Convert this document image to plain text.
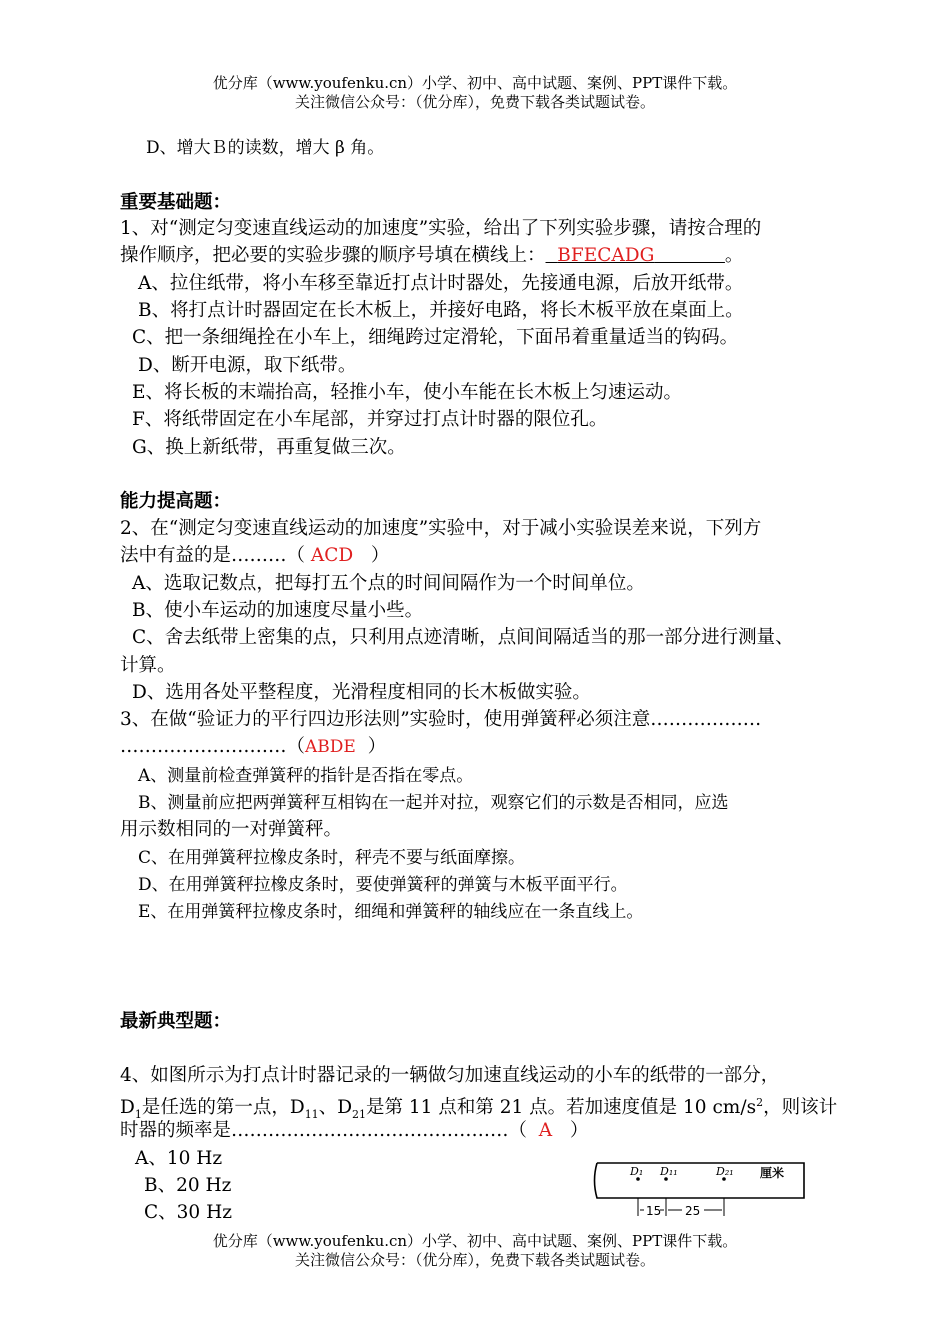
优分库（www.youfenku.cn）小学、初中、高中试题、案例、PPT课件下载。
关注微信公众号：（优分库），免费下载各类试题试卷。
D、增大Ｂ的读数，增大 β 角。
重要基础题：
1、对“测定匀变速直线运动的加速度”实验，给出了下列实验步骤，请按合理的
操作顺序，把必要的实验步骤的顺序号填在横线上： BFECADG	。
A、拉住纸带，将小车移至靠近打点计时器处，先接通电源，后放开纸带。
B、将打点计时器固定在长木板上，并接好电路，将长木板平放在桌面上。
C、把一条细绳拴在小车上，细绳跨过定滑轮，下面吊着重量适当的钩码。
D、断开电源，取下纸带。
E、将长板的末端抬高，轻推小车，使小车能在长木板上匀速运动。
F、将纸带固定在小车尾部，并穿过打点计时器的限位孔。
G、换上新纸带，再重复做三次。
能力提高题：
2、在“测定匀变速直线运动的加速度”实验中，对于减小实验误差来说，下列方
法中有益的是………（ ACD ）
A、选取记数点，把每打五个点的时间间隔作为一个时间单位。
B、使小车运动的加速度尽量小些。
C、舍去纸带上密集的点，只利用点迹清晰，点间间隔适当的那一部分进行测量、
计算。
D、选用各处平整程度，光滑程度相同的长木板做实验。
3、在做“验证力的平行四边形法则”实验时，使用弹簧秤必须注意………………
………………………（ABDE ）
A、测量前检查弹簧秤的指针是否指在零点。
B、测量前应把两弹簧秤互相钩在一起并对拉，观察它们的示数是否相同，应选
用示数相同的一对弹簧秤。
C、在用弹簧秤拉橡皮条时，秤壳不要与纸面摩擦。
D、在用弹簧秤拉橡皮条时，要使弹簧秤的弹簧与木板平面平行。
E、在用弹簧秤拉橡皮条时，细绳和弹簧秤的轴线应在一条直线上。
最新典型题：
4、如图所示为打点计时器记录的一辆做匀加速直线运动的小车的纸带的一部分，
$D_1$是任选的第一点，$D_{11}$、$D_{21}$是第 11 点和第 21 点。若加速度值是 10 $cm/s^2$，则该计
时器的频率是………………………………………（ A ）
A、10 Hz
B、20 Hz
C、30 Hz
D₁ D₁₁	D₂₁ 厘米
15 25
优分库（www.youfenku.cn）小学、初中、高中试题、案例、PPT课件下载。
关注微信公众号：（优分库），免费下载各类试题试卷。
